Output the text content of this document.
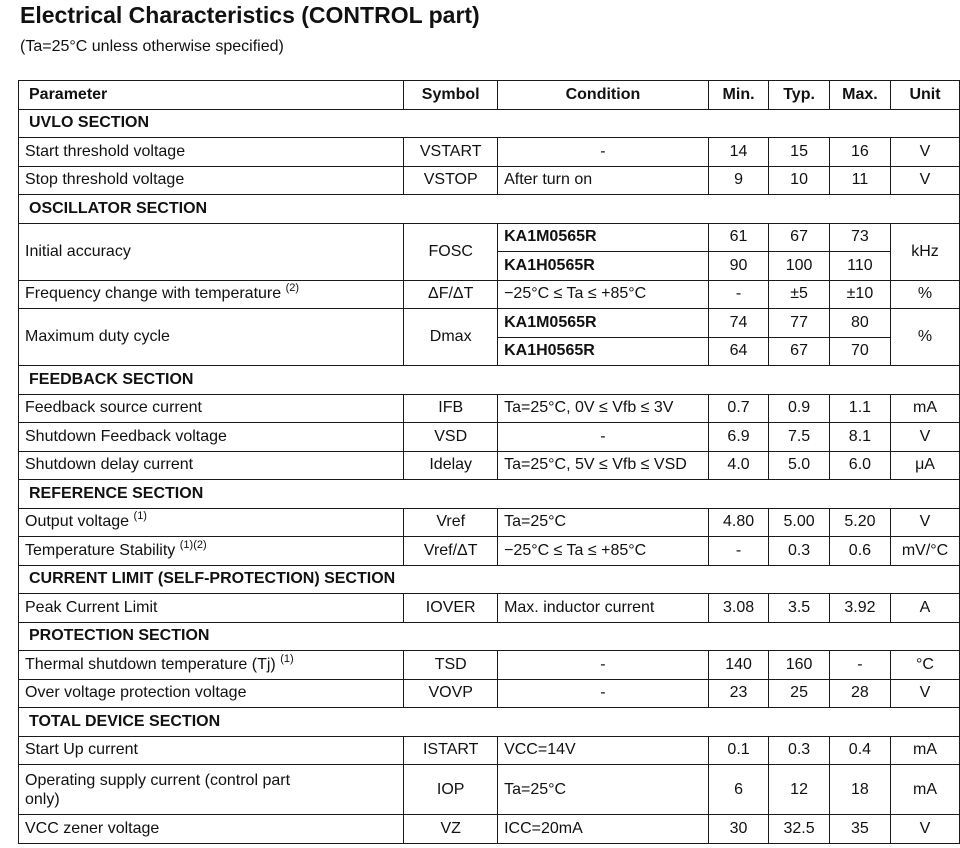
Electrical Characteristics (CONTROL part)
(Ta=25°C unless otherwise specified)
Parameter	Symbol	Condition	Min.	Typ.	Max.	Unit
UVLO SECTION						
Start threshold voltage	VSTART	-	14	15	16	V
Stop threshold voltage	VSTOP	After turn on	9	10	11	V
OSCILLATOR SECTION						
Initial accuracy	FOSC	KA1M0565R	61	67	73	kHz
		KA1H0565R	90	100	110	
Frequency change with temperature $^{(2)}$	ΔF/ΔT	−25°C ≤ Ta ≤ +85°C	-	±5	±10	%
Maximum duty cycle	Dmax	KA1M0565R	74	77	80	%
		KA1H0565R	64	67	70	
FEEDBACK SECTION						
Feedback source current	IFB	Ta=25°C, 0V ≤ Vfb ≤ 3V	0.7	0.9	1.1	mA
Shutdown Feedback voltage	VSD	-	6.9	7.5	8.1	V
Shutdown delay current	Idelay	Ta=25°C, 5V ≤ Vfb ≤ VSD	4.0	5.0	6.0	μA
REFERENCE SECTION						
Output voltage $^{(1)}$	Vref	Ta=25°C	4.80	5.00	5.20	V
Temperature Stability $^{(1)(2)}$	Vref/ΔT	−25°C ≤ Ta ≤ +85°C	-	0.3	0.6	mV/°C
CURRENT LIMIT (SELF-PROTECTION) SECTION						
Peak Current Limit	IOVER	Max. inductor current	3.08	3.5	3.92	A
PROTECTION SECTION						
Thermal shutdown temperature (Tj) $^{(1)}$	TSD	-	140	160	-	°C
Over voltage protection voltage	VOVP	-	23	25	28	V
TOTAL DEVICE SECTION						
Start Up current	ISTART	VCC=14V	0.1	0.3	0.4	mA
Operating supply current (control part only)	IOP	Ta=25°C	6	12	18	mA
VCC zener voltage	VZ	ICC=20mA	30	32.5	35	V
